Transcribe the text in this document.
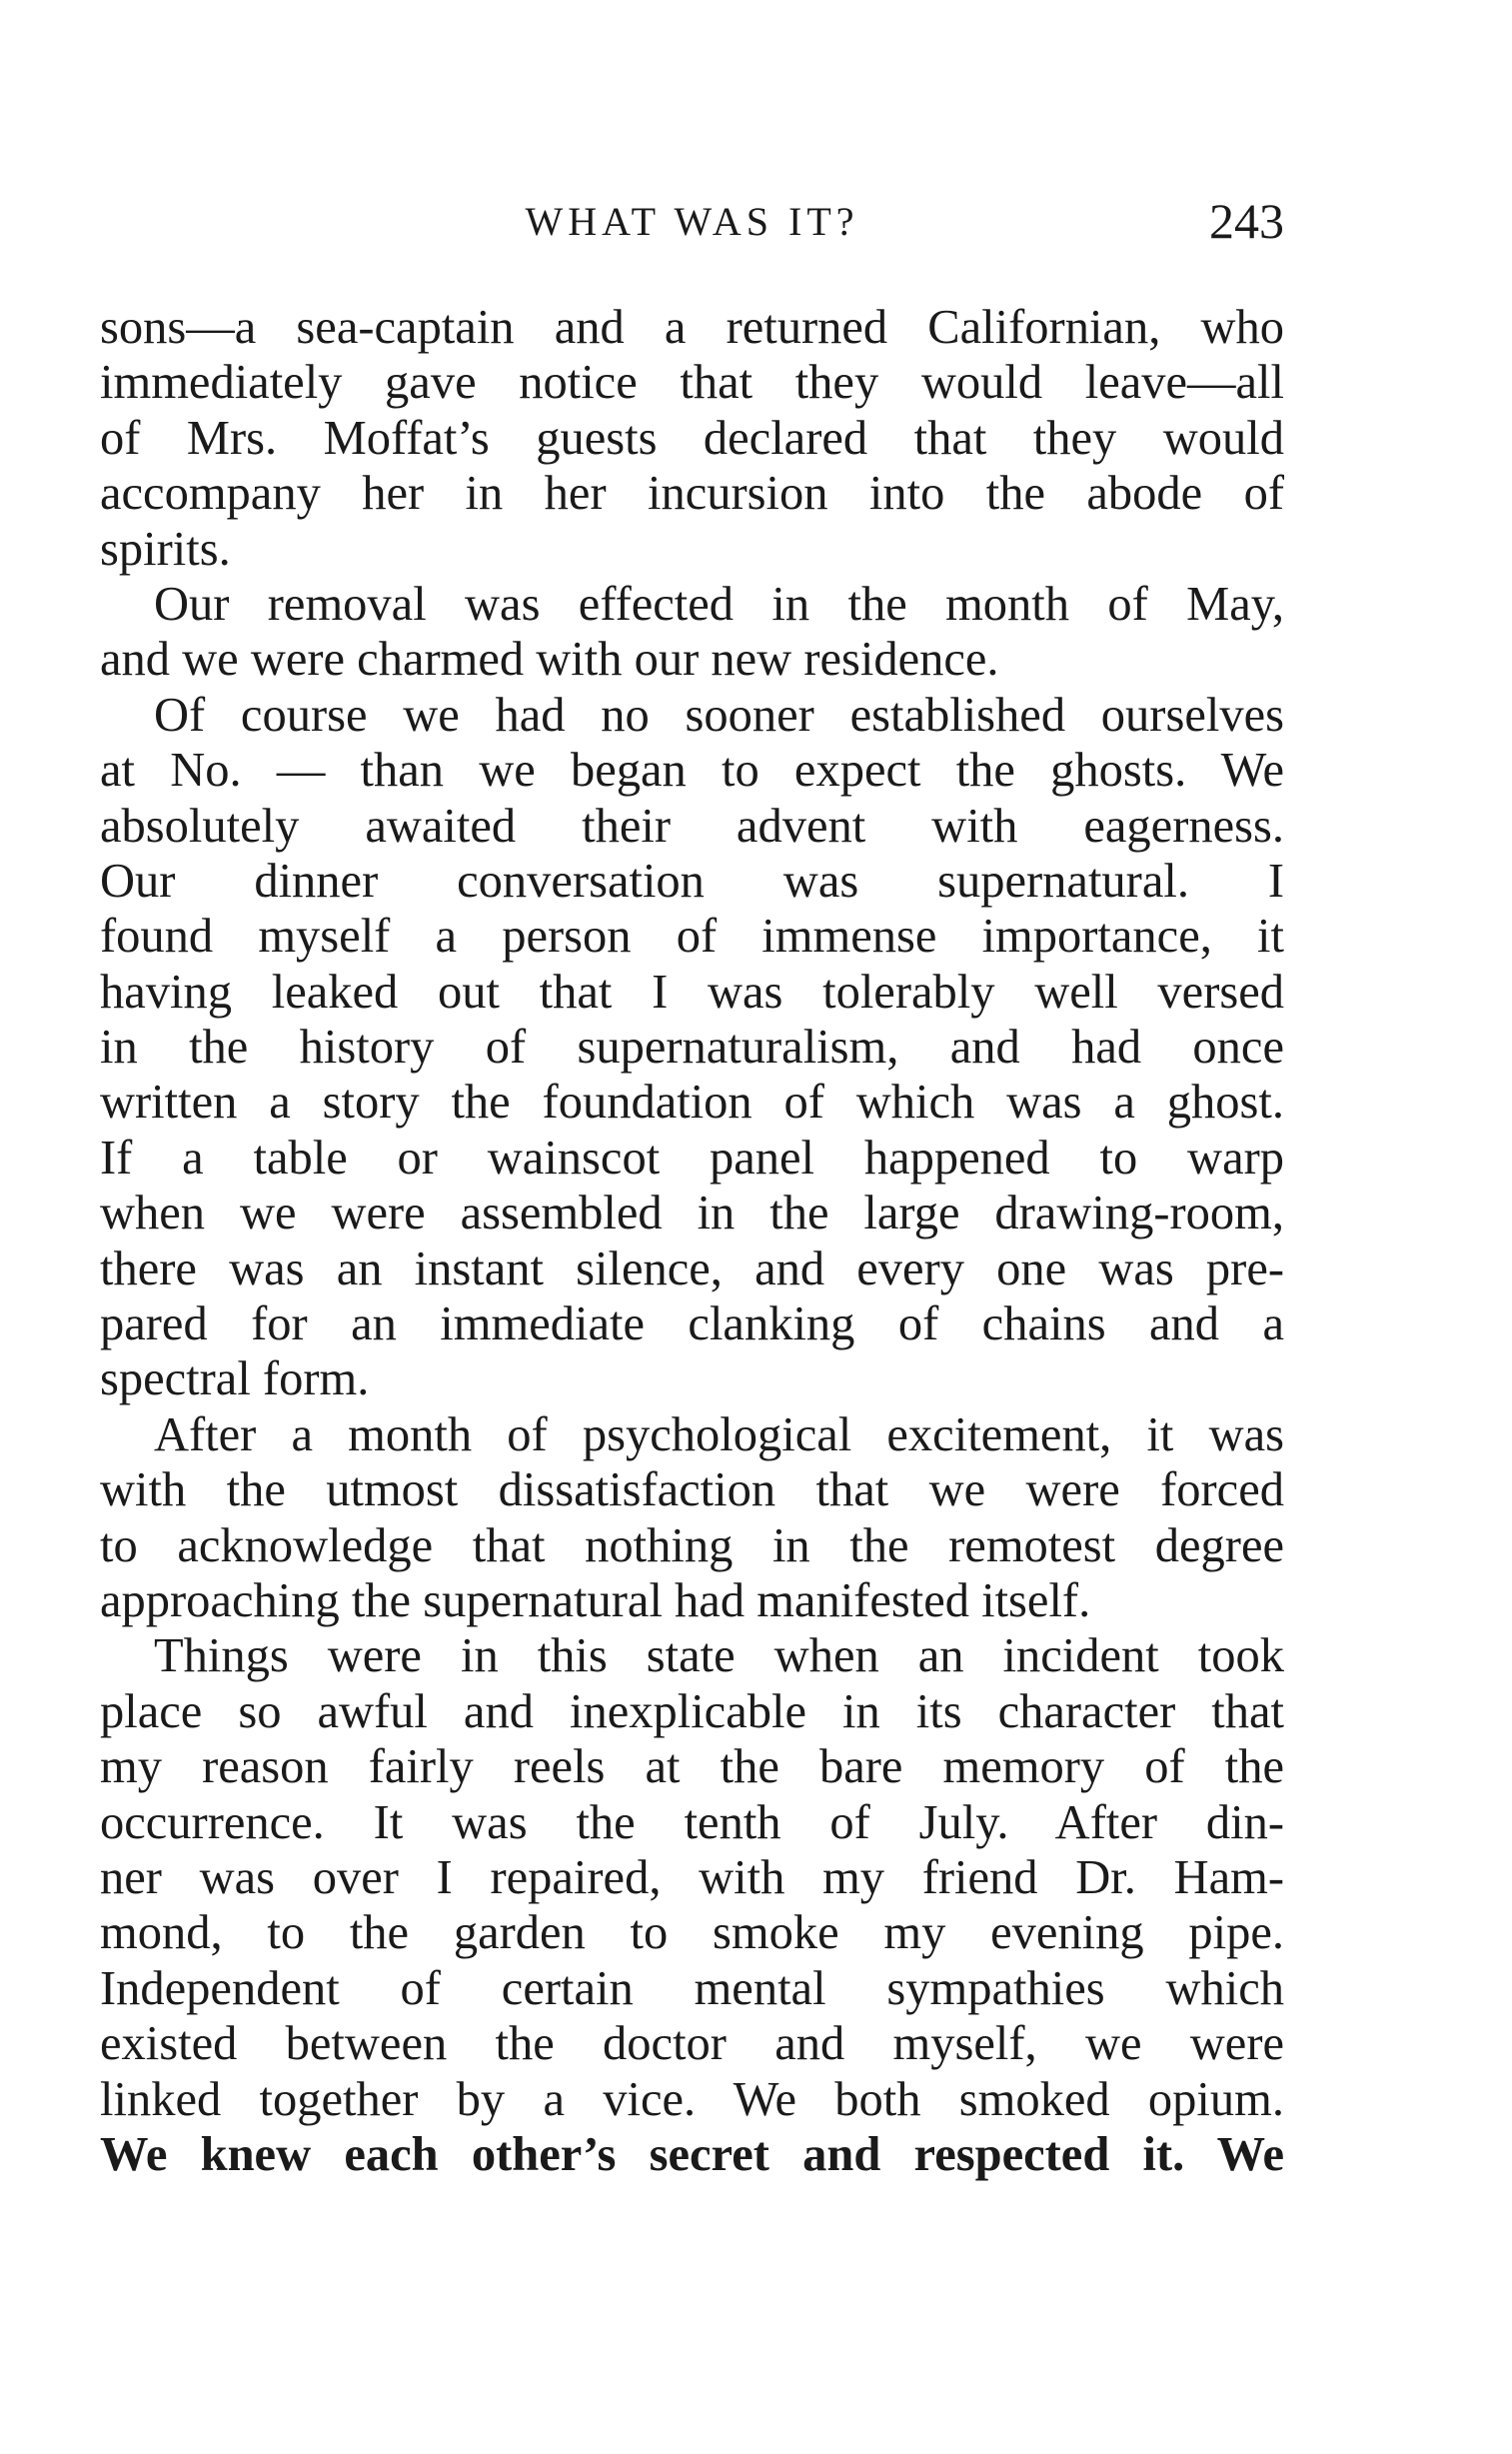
WHAT WAS IT?	243
sons—a sea-captain and a returned Californian, who
immediately gave notice that they would leave—all
of Mrs. Moffat’s guests declared that they would
accompany her in her incursion into the abode of
spirits.
Our removal was effected in the month of May,
and we were charmed with our new residence.
Of course we had no sooner established ourselves
at No. — than we began to expect the ghosts. We
absolutely awaited their advent with eagerness.
Our dinner conversation was supernatural. I
found myself a person of immense importance, it
having leaked out that I was tolerably well versed
in the history of supernaturalism, and had once
written a story the foundation of which was a ghost.
If a table or wainscot panel happened to warp
when we were assembled in the large drawing-room,
there was an instant silence, and every one was pre-
pared for an immediate clanking of chains and a
spectral form.
After a month of psychological excitement, it was
with the utmost dissatisfaction that we were forced
to acknowledge that nothing in the remotest degree
approaching the supernatural had manifested itself.
Things were in this state when an incident took
place so awful and inexplicable in its character that
my reason fairly reels at the bare memory of the
occurrence. It was the tenth of July. After din-
ner was over I repaired, with my friend Dr. Ham-
mond, to the garden to smoke my evening pipe.
Independent of certain mental sympathies which
existed between the doctor and myself, we were
linked together by a vice. We both smoked opium.
We knew each other’s secret and respected it. We
